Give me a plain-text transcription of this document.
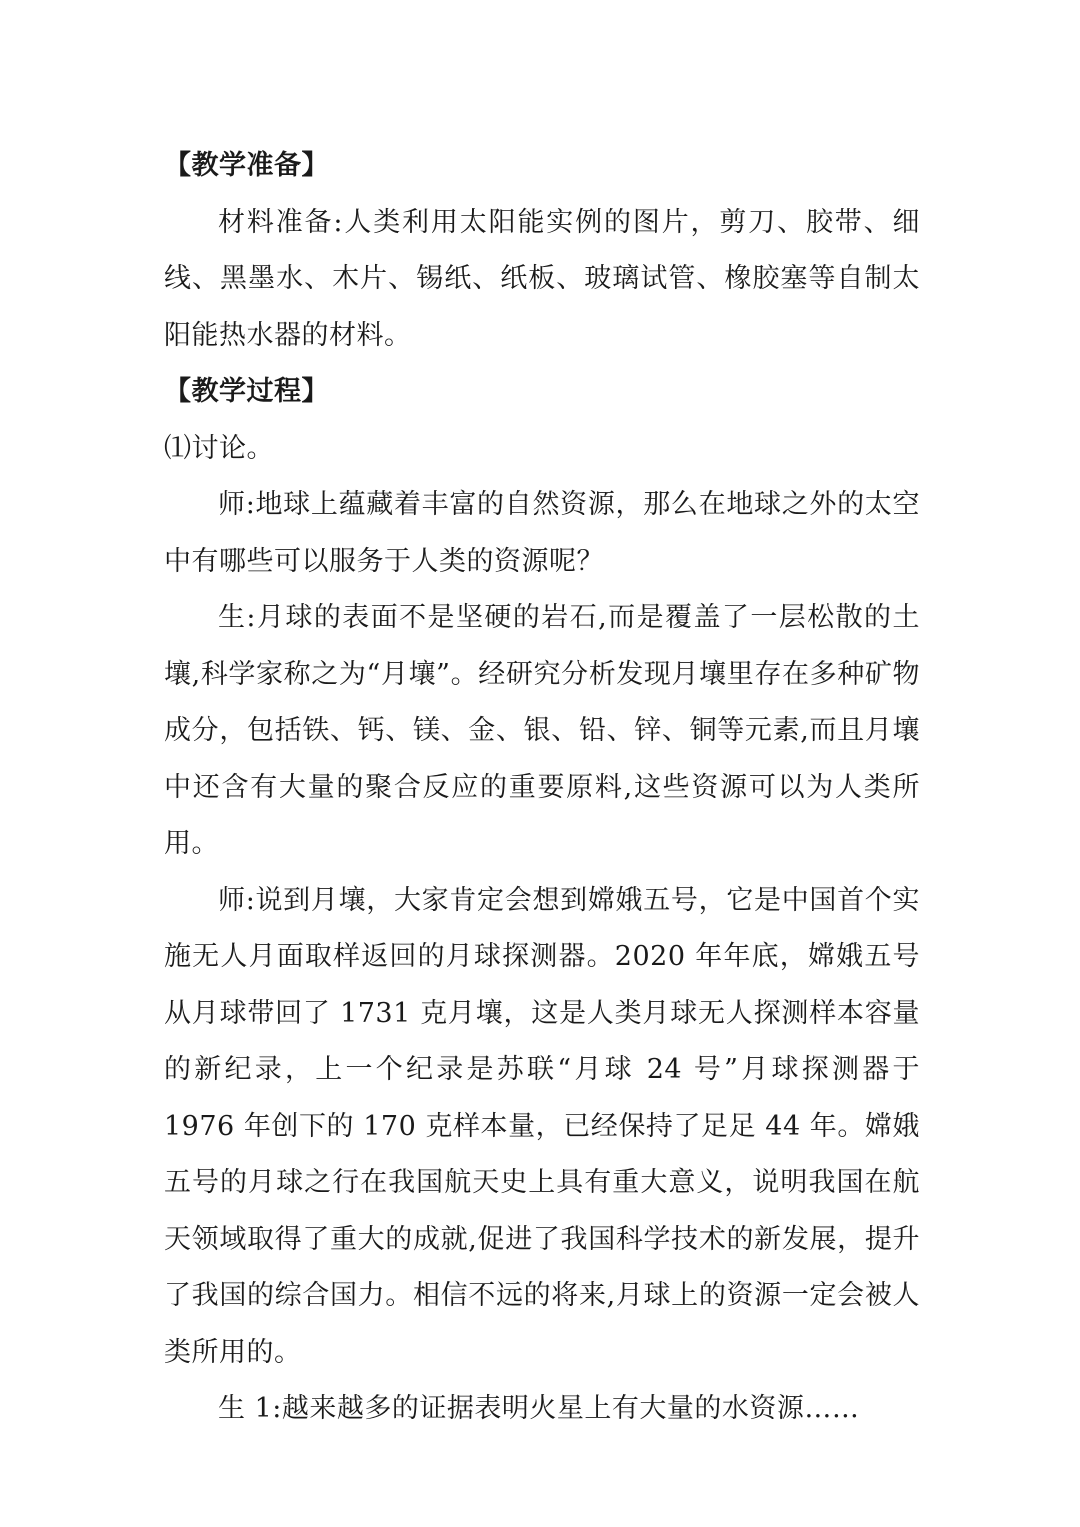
【教学准备】

材料准备:人类利用太阳能实例的图片，剪刀、胶带、细线、黑墨水、木片、锡纸、纸板、玻璃试管、橡胶塞等自制太阳能热水器的材料。

【教学过程】

⑴讨论。

师:地球上蕴藏着丰富的自然资源，那么在地球之外的太空中有哪些可以服务于人类的资源呢？

生:月球的表面不是坚硬的岩石,而是覆盖了一层松散的土壤,科学家称之为“月壤”。经研究分析发现月壤里存在多种矿物成分，包括铁、钙、镁、金、银、铅、锌、铜等元素,而且月壤中还含有大量的聚合反应的重要原料,这些资源可以为人类所用。

师:说到月壤，大家肯定会想到嫦娥五号，它是中国首个实施无人月面取样返回的月球探测器。2020 年年底，嫦娥五号从月球带回了 1731 克月壤，这是人类月球无人探测样本容量的新纪录，上一个纪录是苏联“月球 24 号”月球探测器于 1976 年创下的 170 克样本量，已经保持了足足 44 年。嫦娥五号的月球之行在我国航天史上具有重大意义，说明我国在航天领域取得了重大的成就,促进了我国科学技术的新发展，提升了我国的综合国力。相信不远的将来,月球上的资源一定会被人类所用的。

生 1:越来越多的证据表明火星上有大量的水资源……
